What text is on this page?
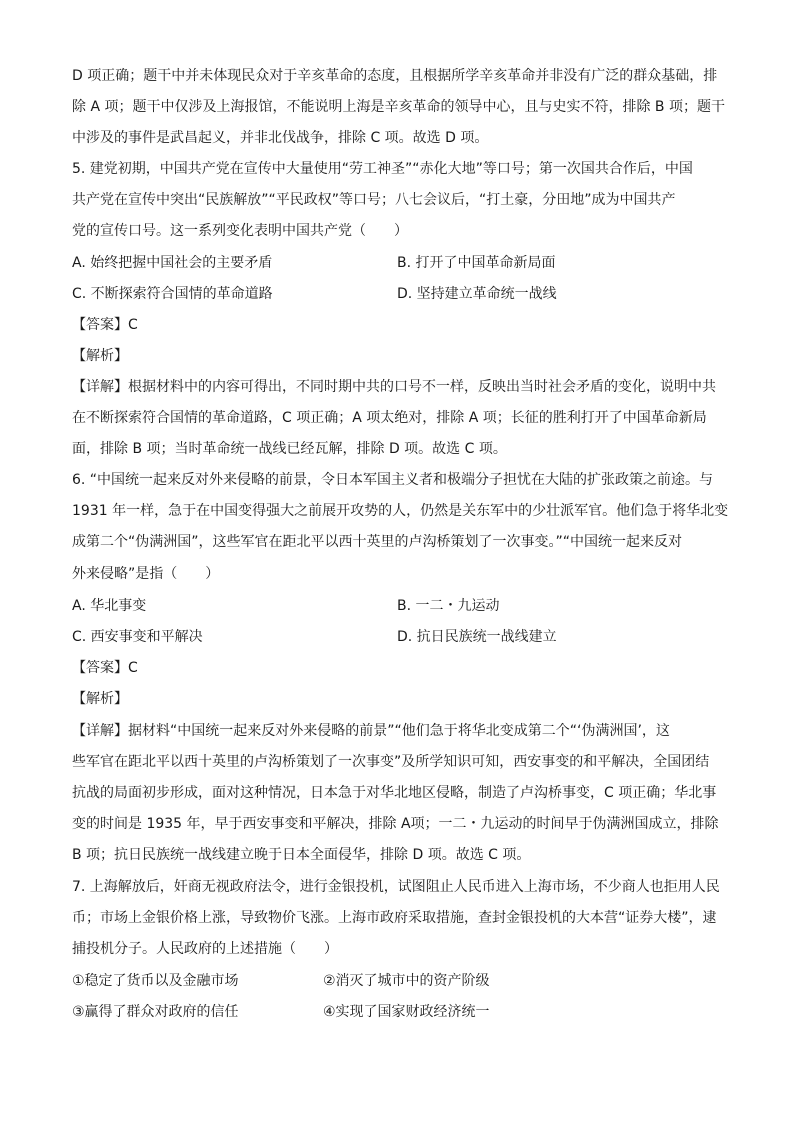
D 项正确；题干中并未体现民众对于辛亥革命的态度，且根据所学辛亥革命并非没有广泛的群众基础，排
除 A 项；题干中仅涉及上海报馆，不能说明上海是辛亥革命的领导中心，且与史实不符，排除 B 项；题干
中涉及的事件是武昌起义，并非北伐战争，排除 C 项。故选 D 项。
5. 建党初期，中国共产党在宣传中大量使用“劳工神圣”“赤化大地”等口号；第一次国共合作后，中国
共产党在宣传中突出“民族解放”“平民政权”等口号；八七会议后，“打土豪，分田地”成为中国共产
党的宣传口号。这一系列变化表明中国共产党（　　）
A. 始终把握中国社会的主要矛盾	B. 打开了中国革命新局面
C. 不断探索符合国情的革命道路	D. 坚持建立革命统一战线
【答案】C
【解析】
【详解】根据材料中的内容可得出，不同时期中共的口号不一样，反映出当时社会矛盾的变化，说明中共
在不断探索符合国情的革命道路，C 项正确；A 项太绝对，排除 A 项；长征的胜利打开了中国革命新局
面，排除 B 项；当时革命统一战线已经瓦解，排除 D 项。故选 C 项。
6. “中国统一起来反对外来侵略的前景，令日本军国主义者和极端分子担忧在大陆的扩张政策之前途。与
1931 年一样，急于在中国变得强大之前展开攻势的人，仍然是关东军中的少壮派军官。他们急于将华北变
成第二个“伪满洲国”，这些军官在距北平以西十英里的卢沟桥策划了一次事变。”“中国统一起来反对
外来侵略”是指（　　）
A. 华北事变	B. 一二・九运动
C. 西安事变和平解决	D. 抗日民族统一战线建立
【答案】C
【解析】
【详解】据材料“中国统一起来反对外来侵略的前景”“他们急于将华北变成第二个“‘伪满洲国’，这
些军官在距北平以西十英里的卢沟桥策划了一次事变”及所学知识可知，西安事变的和平解决，全国团结
抗战的局面初步形成，面对这种情况，日本急于对华北地区侵略，制造了卢沟桥事变，C 项正确；华北事
变的时间是 1935 年，早于西安事变和平解决，排除 A项；一二・九运动的时间早于伪满洲国成立，排除
B 项；抗日民族统一战线建立晚于日本全面侵华，排除 D 项。故选 C 项。
7. 上海解放后，奸商无视政府法令，进行金银投机，试图阻止人民币进入上海市场，不少商人也拒用人民
币；市场上金银价格上涨，导致物价飞涨。上海市政府采取措施，查封金银投机的大本营“证券大楼”，逮
捕投机分子。人民政府的上述措施（　　）
①稳定了货币以及金融市场	②消灭了城市中的资产阶级
③赢得了群众对政府的信任	④实现了国家财政经济统一
